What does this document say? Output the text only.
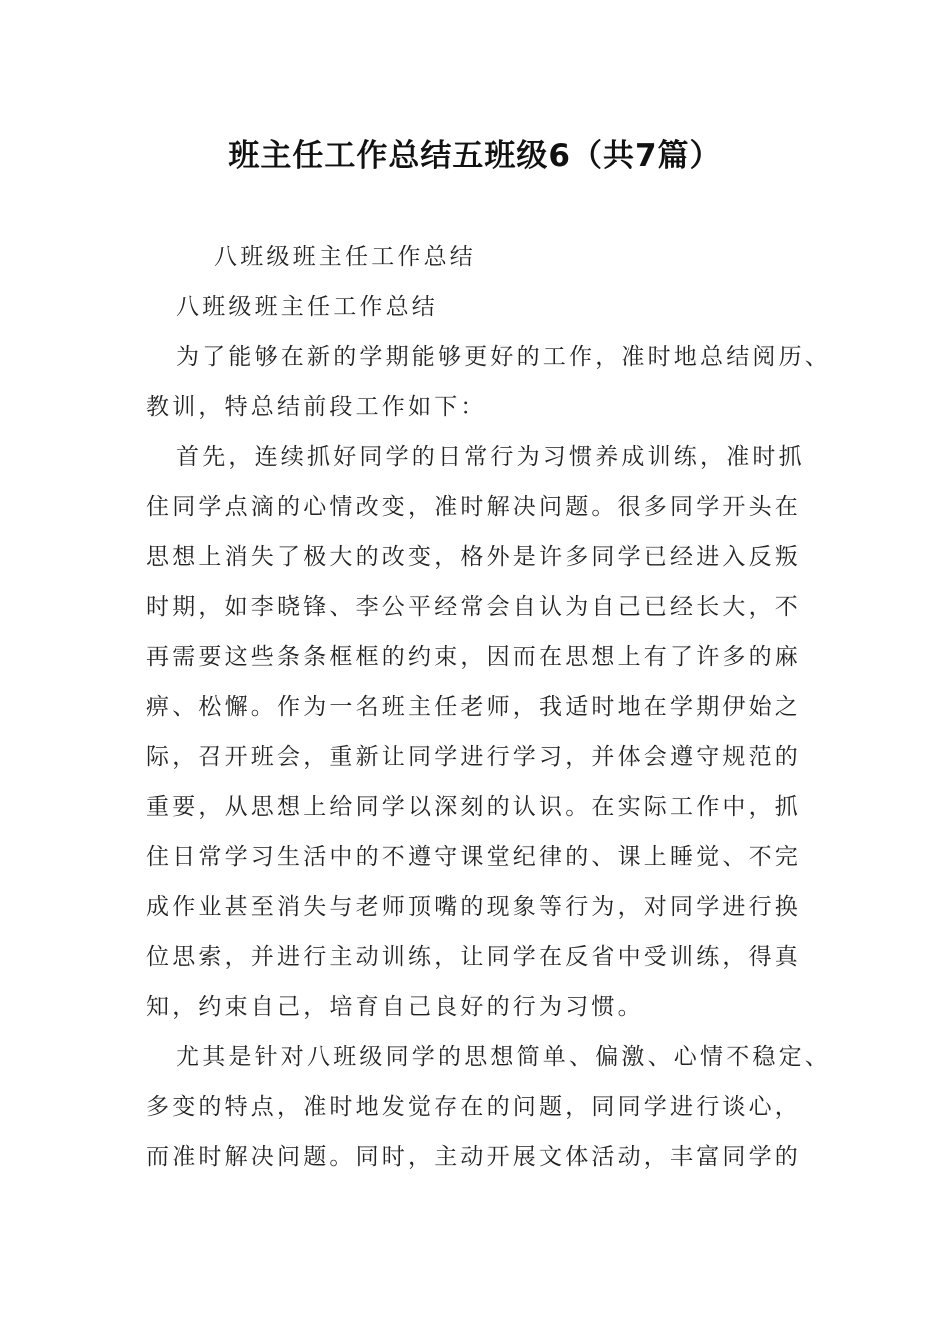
班主任工作总结五班级6（共7篇）

八班级班主任工作总结

八班级班主任工作总结

为了能够在新的学期能够更好的工作，准时地总结阅历、

教训，特总结前段工作如下：

首先，连续抓好同学的日常行为习惯养成训练，准时抓

住同学点滴的心情改变，准时解决问题。很多同学开头在

思想上消失了极大的改变，格外是许多同学已经进入反叛

时期，如李晓锋、李公平经常会自认为自己已经长大，不

再需要这些条条框框的约束，因而在思想上有了许多的麻

痹、松懈。作为一名班主任老师，我适时地在学期伊始之

际，召开班会，重新让同学进行学习，并体会遵守规范的

重要，从思想上给同学以深刻的认识。在实际工作中，抓

住日常学习生活中的不遵守课堂纪律的、课上睡觉、不完

成作业甚至消失与老师顶嘴的现象等行为，对同学进行换

位思索，并进行主动训练，让同学在反省中受训练，得真

知，约束自己，培育自己良好的行为习惯。

尤其是针对八班级同学的思想简单、偏激、心情不稳定、

多变的特点，准时地发觉存在的问题，同同学进行谈心，

而准时解决问题。同时，主动开展文体活动，丰富同学的
